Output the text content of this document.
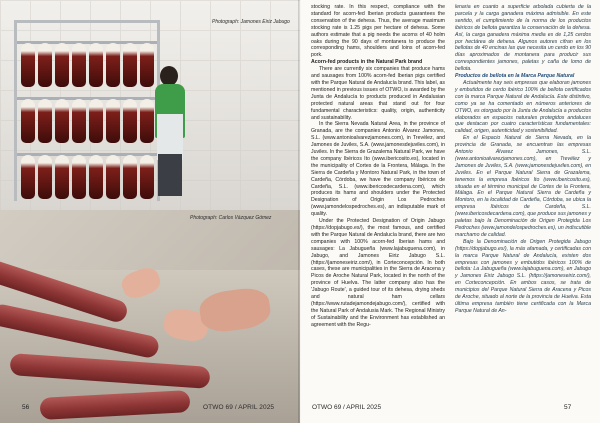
Photograph: Jamones Eiriz Jabugo
Photograph: Carlos Vázquez Gómez
56	OTWO 69 / APRIL 2025

stocking rate. In this respect, compliance with the standard for acorn-fed Iberian products guarantees the conservation of the dehesa. Thus, the average maximum stocking rate is 1.25 pigs per hectare of dehesa. Some authors estimate that a pig needs the acorns of 40 holm oaks during the 90 days of montanera to produce the corresponding hams, shoulders and loins of acorn-fed pork.

Acorn-fed products in the Natural Park brand

There are currently six companies that produce hams and sausages from 100% acorn-fed Iberian pigs certified with the Parque Natural de Andalucía brand. This label, as mentioned in previous issues of OTWO, is awarded by the Junta de Andalucía to products produced in Andalusian protected natural areas that stand out for four fundamental characteristics: quality, origin, authenticity and sustainability.

In the Sierra Nevada Natural Area, in the province of Granada, are the companies Antonio Álvarez Jamones, S.L. (www.antonioalvarezjamones.com), in Trevélez, and Jamones de Juviles, S.A. (www.jamonesdejuviles.com), in Juviles. In the Sierra de Grazalema Natural Park, we have the company Ibéricos Ito (www.ibericosito.es), located in the municipality of Cortes de la Frontera, Málaga. In the Sierra de Cardeña y Montoro Natural Park, in the town of Cardeña, Córdoba, we have the company Ibéricos de Cardeña, S.L. (www.ibericosdecardena.com), which produces its hams and shoulders under the Protected Designation of Origin Los Pedroches (www.jamondelospedroches.es), an indisputable mark of quality.

Under the Protected Designation of Origin Jabugo (https://dopjabugo.es/), the most famous, and certified with the Parque Natural de Andalucía brand, there are two companies with 100% acorn-fed Iberian hams and sausages: La Jabugueña (www.lajabuguena.com), in Jabugo, and Jamones Eiriz Jabugo S.L. (https://jamoneseiriz.com/), in Corteconcepción. In both cases, these are municipalities in the Sierra de Aracena y Picos de Aroche Natural Park, located in the north of the province of Huelva. The latter company also has the 'Jabugo Route', a guided tour of its dehesa, drying sheds and natural ham cellars (https://www.rutadejamondejabugo.com/), certified with the Natural Park of Andalusia Mark. The Regional Ministry of Sustainability and the Environment has established an agreement with the Regu-

lenaria en cuanto a superficie arbolada cubierta de la parcela y la carga ganadera máxima admisible. En este sentido, el cumplimiento de la norma de los productos ibéricos de bellota garantiza la conservación de la dehesa. Así, la carga ganadera máxima media es de 1,25 cerdos por hectárea de dehesa. Algunos autores cifran en los bellotas de 40 encinas las que necesita un cerdo en los 90 días aproximados de montanera para producir sus correspondientes jamones, paletas y caña de lomo de bellota.

Productos de bellota en la Marca Parque Natural

Actualmente hay seis empresas que elaboran jamones y embutidos de cerdo ibérico 100% de bellota certificados con la marca Parque Natural de Andalucía. Este distintivo, como ya se ha comentado en números anteriores de OTWO, es otorgado por la Junta de Andalucía a productos elaborados en espacios naturales protegidos andaluces que destacan por cuatro características fundamentales: calidad, origen, autenticidad y sostenibilidad.

En el Espacio Natural de Sierra Nevada, en la provincia de Granada, se encuentran las empresas Antonio Álvarez Jamones, S.L. (www.antonioalvarezjamones.com), en Trevélez y Jamones de Juviles, S.A. (www.jamonesdejuviles.com), en Juviles. En el Parque Natural Sierra de Grazalema, tenemos la empresa Ibéricos Ito (www.ibericosito.es), situada en el término municipal de Cortes de la Frontera, Málaga. En el Parque Natural Sierra de Cardeña y Montoro, en la localidad de Cardeña, Córdoba, se ubica la empresa Ibéricos de Cardeña, S.L. (www.ibericosdecardena.com), que produce sus jamones y paletas bajo la Denominación de Origen Protegida Los Pedroches (www.jamondelospedroches.es), un indiscutible marchamo de calidad.

Bajo la Denominación de Origen Protegida Jabugo (https://dopjabugo.es/), la más afamada, y certificadas con la marca Parque Natural de Andalucía, existen dos empresas con jamones y embutidos ibéricos 100% de bellota: La Jabugueña (www.lajabuguena.com), en Jabugo y Jamones Eiriz Jabugo S.L. (https://jamoneseiriz.com/), en Corteconcepción. En ambos casos, se trata de municipios del Parque Natural Sierra de Aracena y Picos de Aroche, situado al norte de la provincia de Huelva. Esta última empresa también tiene certificada con la Marca Parque Natural de An-

OTWO 69 / APRIL 2025	57
